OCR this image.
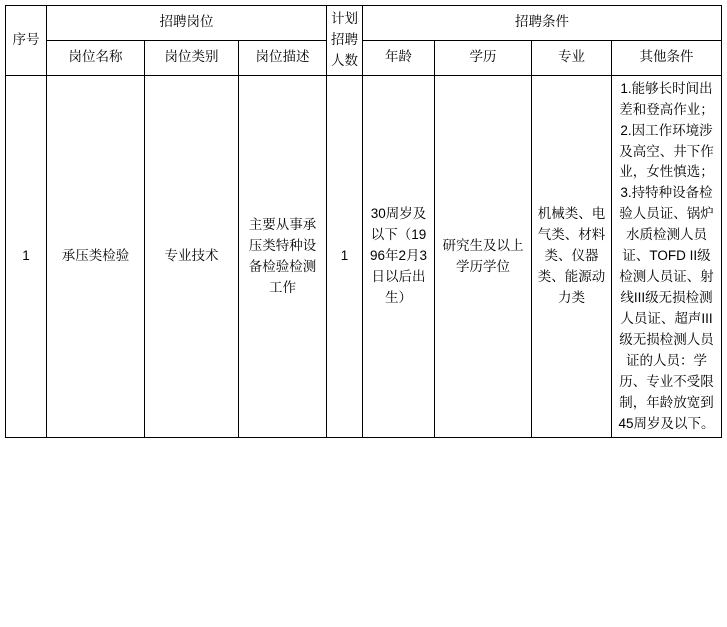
序号	招聘岗位			计划招聘人数	招聘条件			
	岗位名称	岗位类别	岗位描述		年龄	学历	专业	其他条件
1	承压类检验	专业技术	主要从事承压类特种设备检验检测工作	1	30周岁及以下（1996年2月3日以后出生）	研究生及以上学历学位	机械类、电气类、材料类、仪器类、能源动力类	1.能够长时间出差和登高作业；

2.因工作环境涉及高空、井下作业，女性慎选；

3.持特种设备检验人员证、锅炉水质检测人员证、TOFD II级检测人员证、射线III级无损检测人员证、超声III级无损检测人员证的人员：学历、专业不受限制，年龄放宽到45周岁及以下。
